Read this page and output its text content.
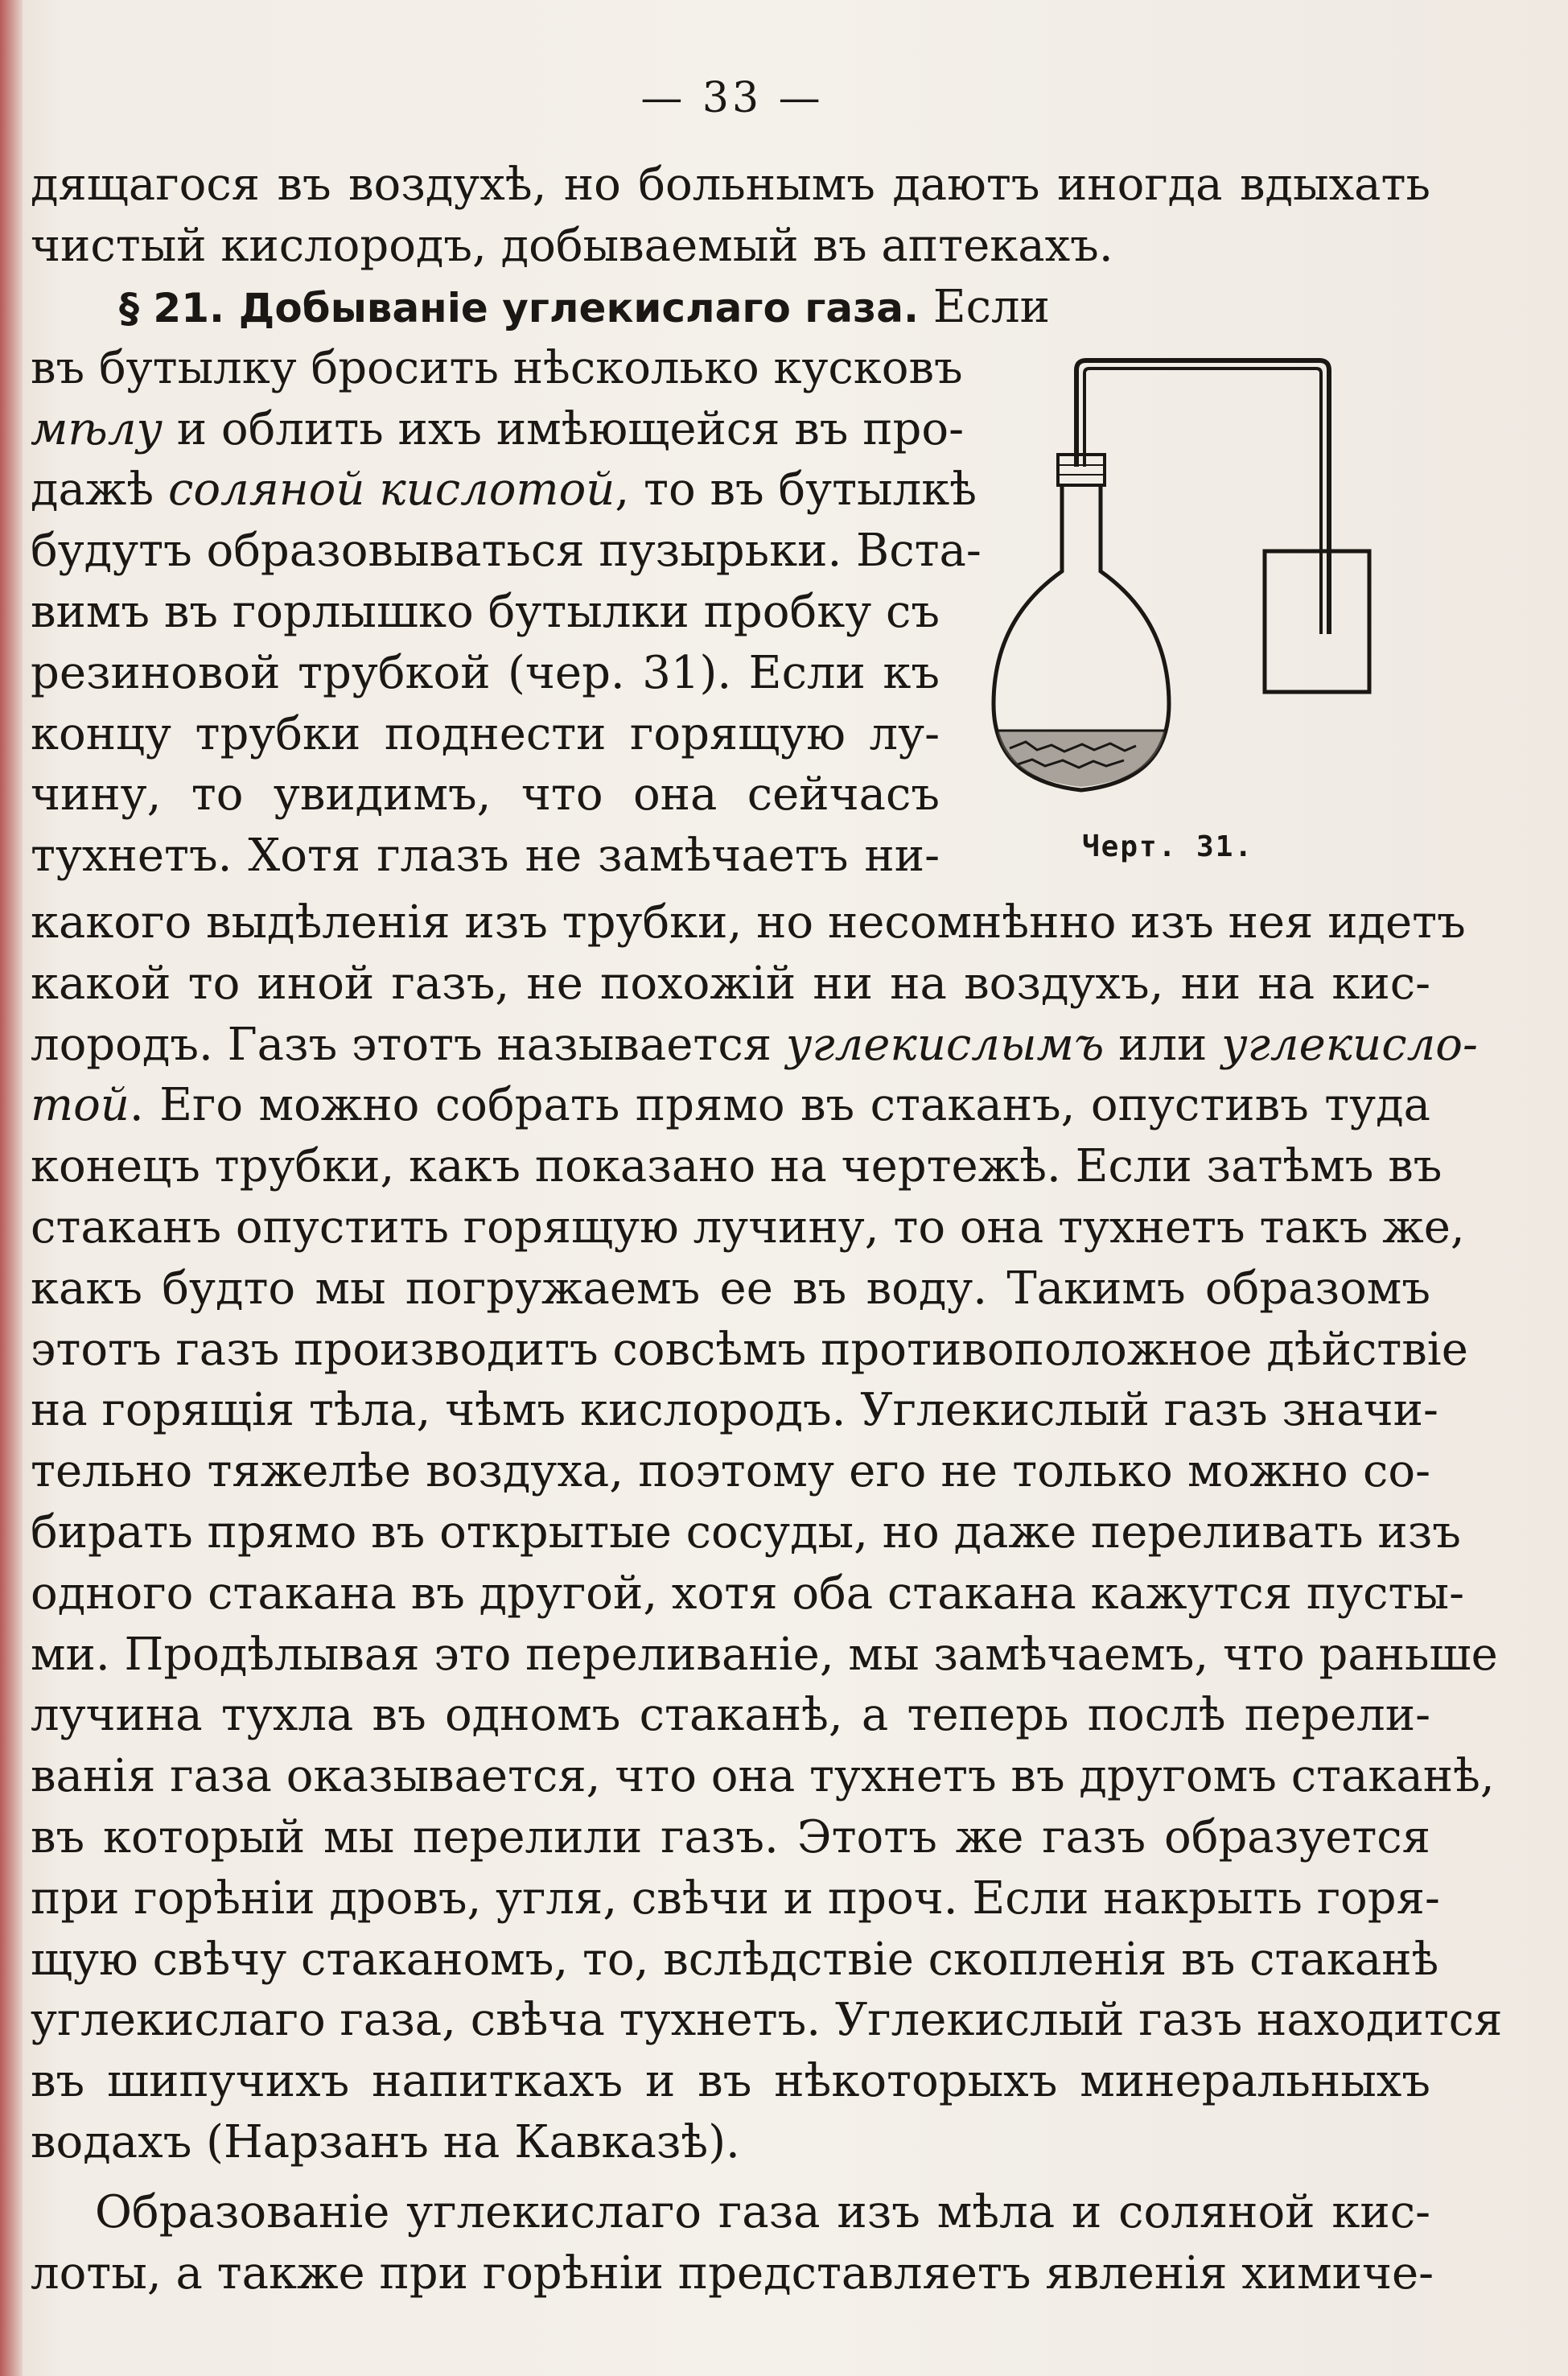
— 33 —
дящагося въ воздухѣ, но больнымъ даютъ иногда вдыхать
чистый кислородъ, добываемый въ аптекахъ.
§ 21. Добываніе углекислаго газа. Если
въ бутылку бросить нѣсколько кусковъ
мѣлу и облить ихъ имѣющейся въ про-
дажѣ соляной кислотой, то въ бутылкѣ
будутъ образовываться пузырьки. Вста-
вимъ въ горлышко бутылки пробку съ
резиновой трубкой (чер. 31). Если къ
концу трубки поднести горящую лу-
чину, то увидимъ, что она сейчасъ
тухнетъ. Хотя глазъ не замѣчаетъ ни-	Черт. 31.
какого выдѣленія изъ трубки, но несомнѣнно изъ нея идетъ
какой то иной газъ, не похожій ни на воздухъ, ни на кис-
лородъ. Газъ этотъ называется углекислымъ или углекисло-
той. Его можно собрать прямо въ стаканъ, опустивъ туда
конецъ трубки, какъ показано на чертежѣ. Если затѣмъ въ
стаканъ опустить горящую лучину, то она тухнетъ такъ же,
какъ будто мы погружаемъ ее въ воду. Такимъ образомъ
этотъ газъ производитъ совсѣмъ противоположное дѣйствіе
на горящія тѣла, чѣмъ кислородъ. Углекислый газъ значи-
тельно тяжелѣе воздуха, поэтому его не только можно со-
бирать прямо въ открытые сосуды, но даже переливать изъ
одного стакана въ другой, хотя оба стакана кажутся пусты-
ми. Продѣлывая это переливаніе, мы замѣчаемъ, что раньше
лучина тухла въ одномъ стаканѣ, а теперь послѣ перели-
ванія газа оказывается, что она тухнетъ въ другомъ стаканѣ,
въ который мы перелили газъ. Этотъ же газъ образуется
при горѣніи дровъ, угля, свѣчи и проч. Если накрыть горя-
щую свѣчу стаканомъ, то, вслѣдствіе скопленія въ стаканѣ
углекислаго газа, свѣча тухнетъ. Углекислый газъ находится
въ шипучихъ напиткахъ и въ нѣкоторыхъ минеральныхъ
водахъ (Нарзанъ на Кавказѣ).
Образованіе углекислаго газа изъ мѣла и соляной кис-
лоты, а также при горѣніи представляетъ явленія химиче-
